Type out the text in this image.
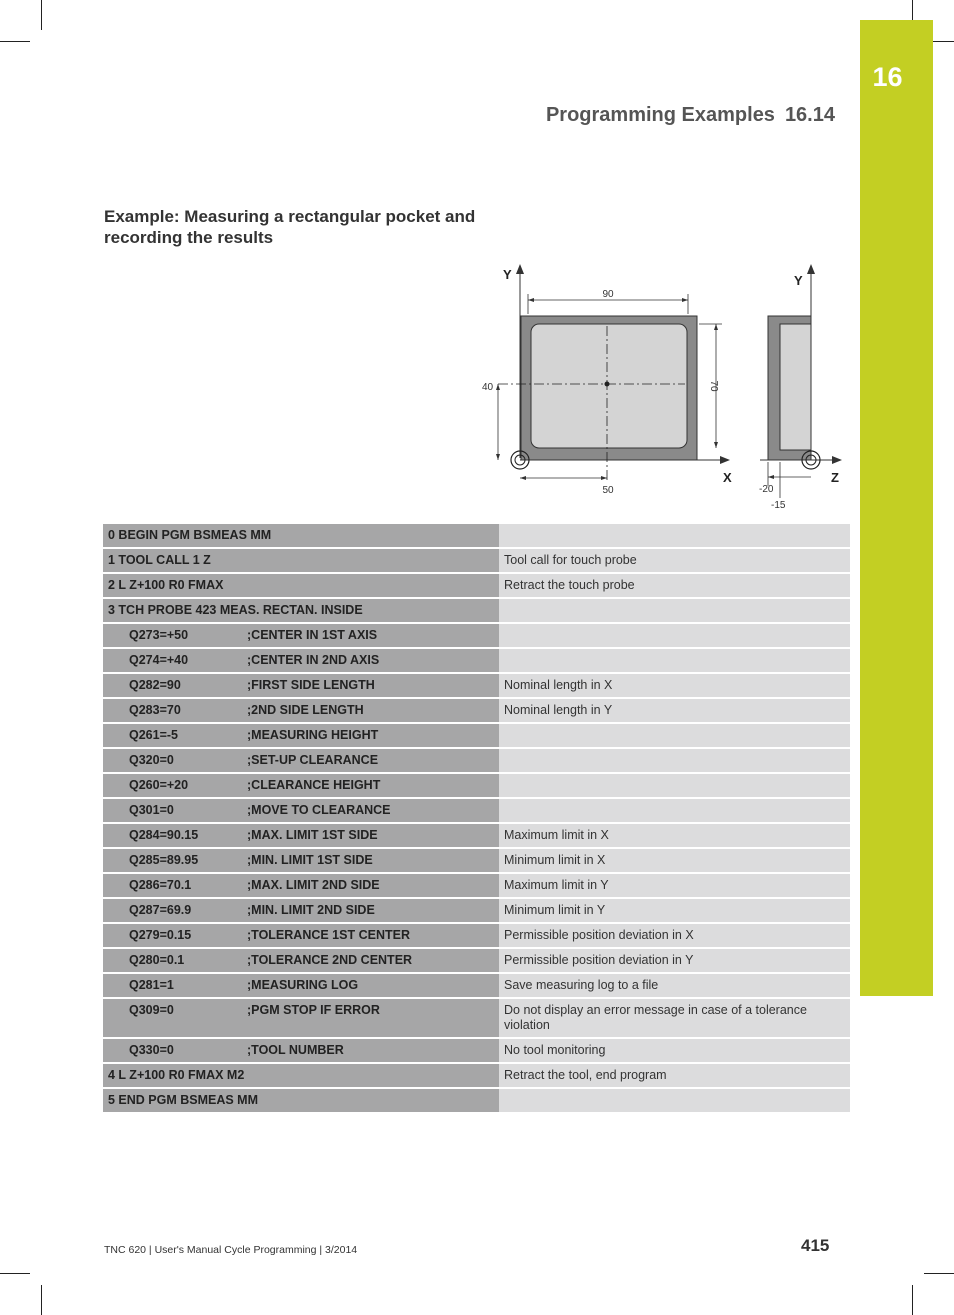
16
Programming Examples 16.14
Example: Measuring a rectangular pocket and recording the results
Y
X
90
70
40
50
Y
Z
-20
-15
0 BEGIN PGM BSMEAS MM	
1 TOOL CALL 1 Z	Tool call for touch probe
2 L Z+100 R0 FMAX	Retract the touch probe
3 TCH PROBE 423 MEAS. RECTAN. INSIDE	
Q273=+50 ;CENTER IN 1ST AXIS	
Q274=+40 ;CENTER IN 2ND AXIS	
Q282=90 ;FIRST SIDE LENGTH	Nominal length in X
Q283=70 ;2ND SIDE LENGTH	Nominal length in Y
Q261=-5 ;MEASURING HEIGHT	
Q320=0 ;SET-UP CLEARANCE	
Q260=+20 ;CLEARANCE HEIGHT	
Q301=0 ;MOVE TO CLEARANCE	
Q284=90.15 ;MAX. LIMIT 1ST SIDE	Maximum limit in X
Q285=89.95 ;MIN. LIMIT 1ST SIDE	Minimum limit in X
Q286=70.1 ;MAX. LIMIT 2ND SIDE	Maximum limit in Y
Q287=69.9 ;MIN. LIMIT 2ND SIDE	Minimum limit in Y
Q279=0.15 ;TOLERANCE 1ST CENTER	Permissible position deviation in X
Q280=0.1 ;TOLERANCE 2ND CENTER	Permissible position deviation in Y
Q281=1 ;MEASURING LOG	Save measuring log to a file
Q309=0 ;PGM STOP IF ERROR	Do not display an error message in case of a tolerance violation
Q330=0 ;TOOL NUMBER	No tool monitoring
4 L Z+100 R0 FMAX M2	Retract the tool, end program
5 END PGM BSMEAS MM	
TNC 620 | User's Manual Cycle Programming | 3/2014	415
